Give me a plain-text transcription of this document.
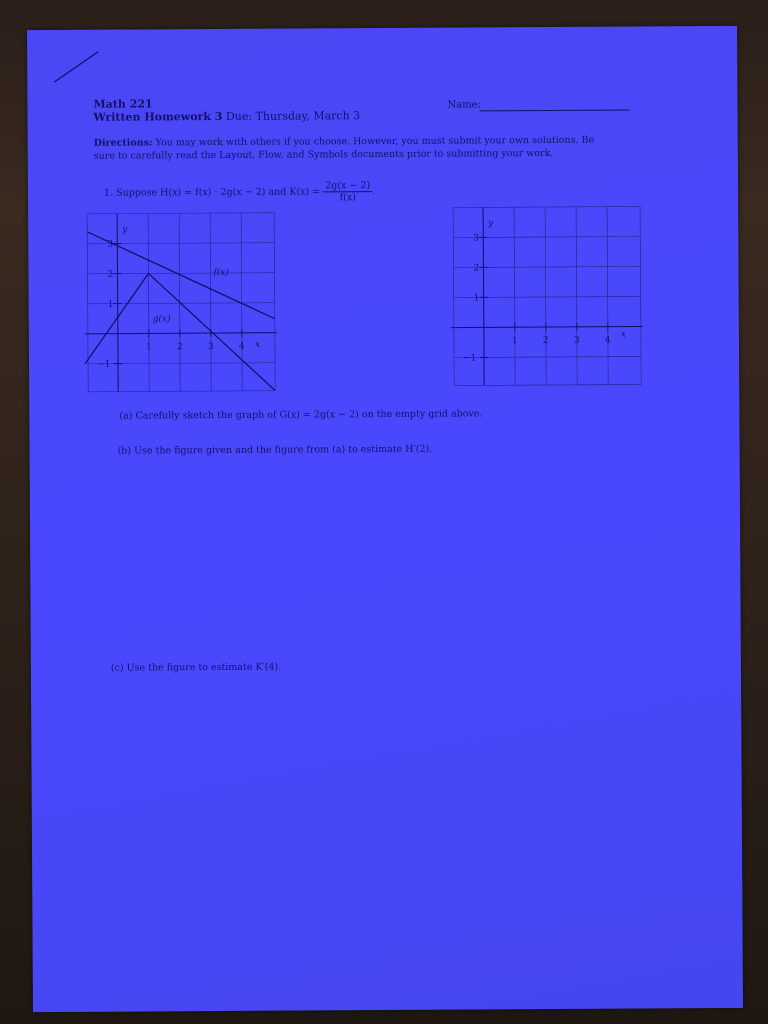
Math 221
Written Homework 3 Due: Thursday, March 3
Name:
Directions: You may work with others if you choose. However, you must submit your own solutions. Be
sure to carefully read the Layout, Flow, and Symbols documents prior to submitting your work.
1. Suppose H(x) = f(x) · 2g(x − 2) and $K(x) = \frac{2g(x - 2)}{f(x)}$ .
y
x
f(x)
g(x)
1	2	3	4
3
2
1
−1
y
x
1	2	3	4
3
2
1
−1
(a) Carefully sketch the graph of G(x) = 2g(x − 2) on the empty grid above.
(b) Use the figure given and the figure from (a) to estimate H′(2).
(c) Use the figure to estimate K′(4).
